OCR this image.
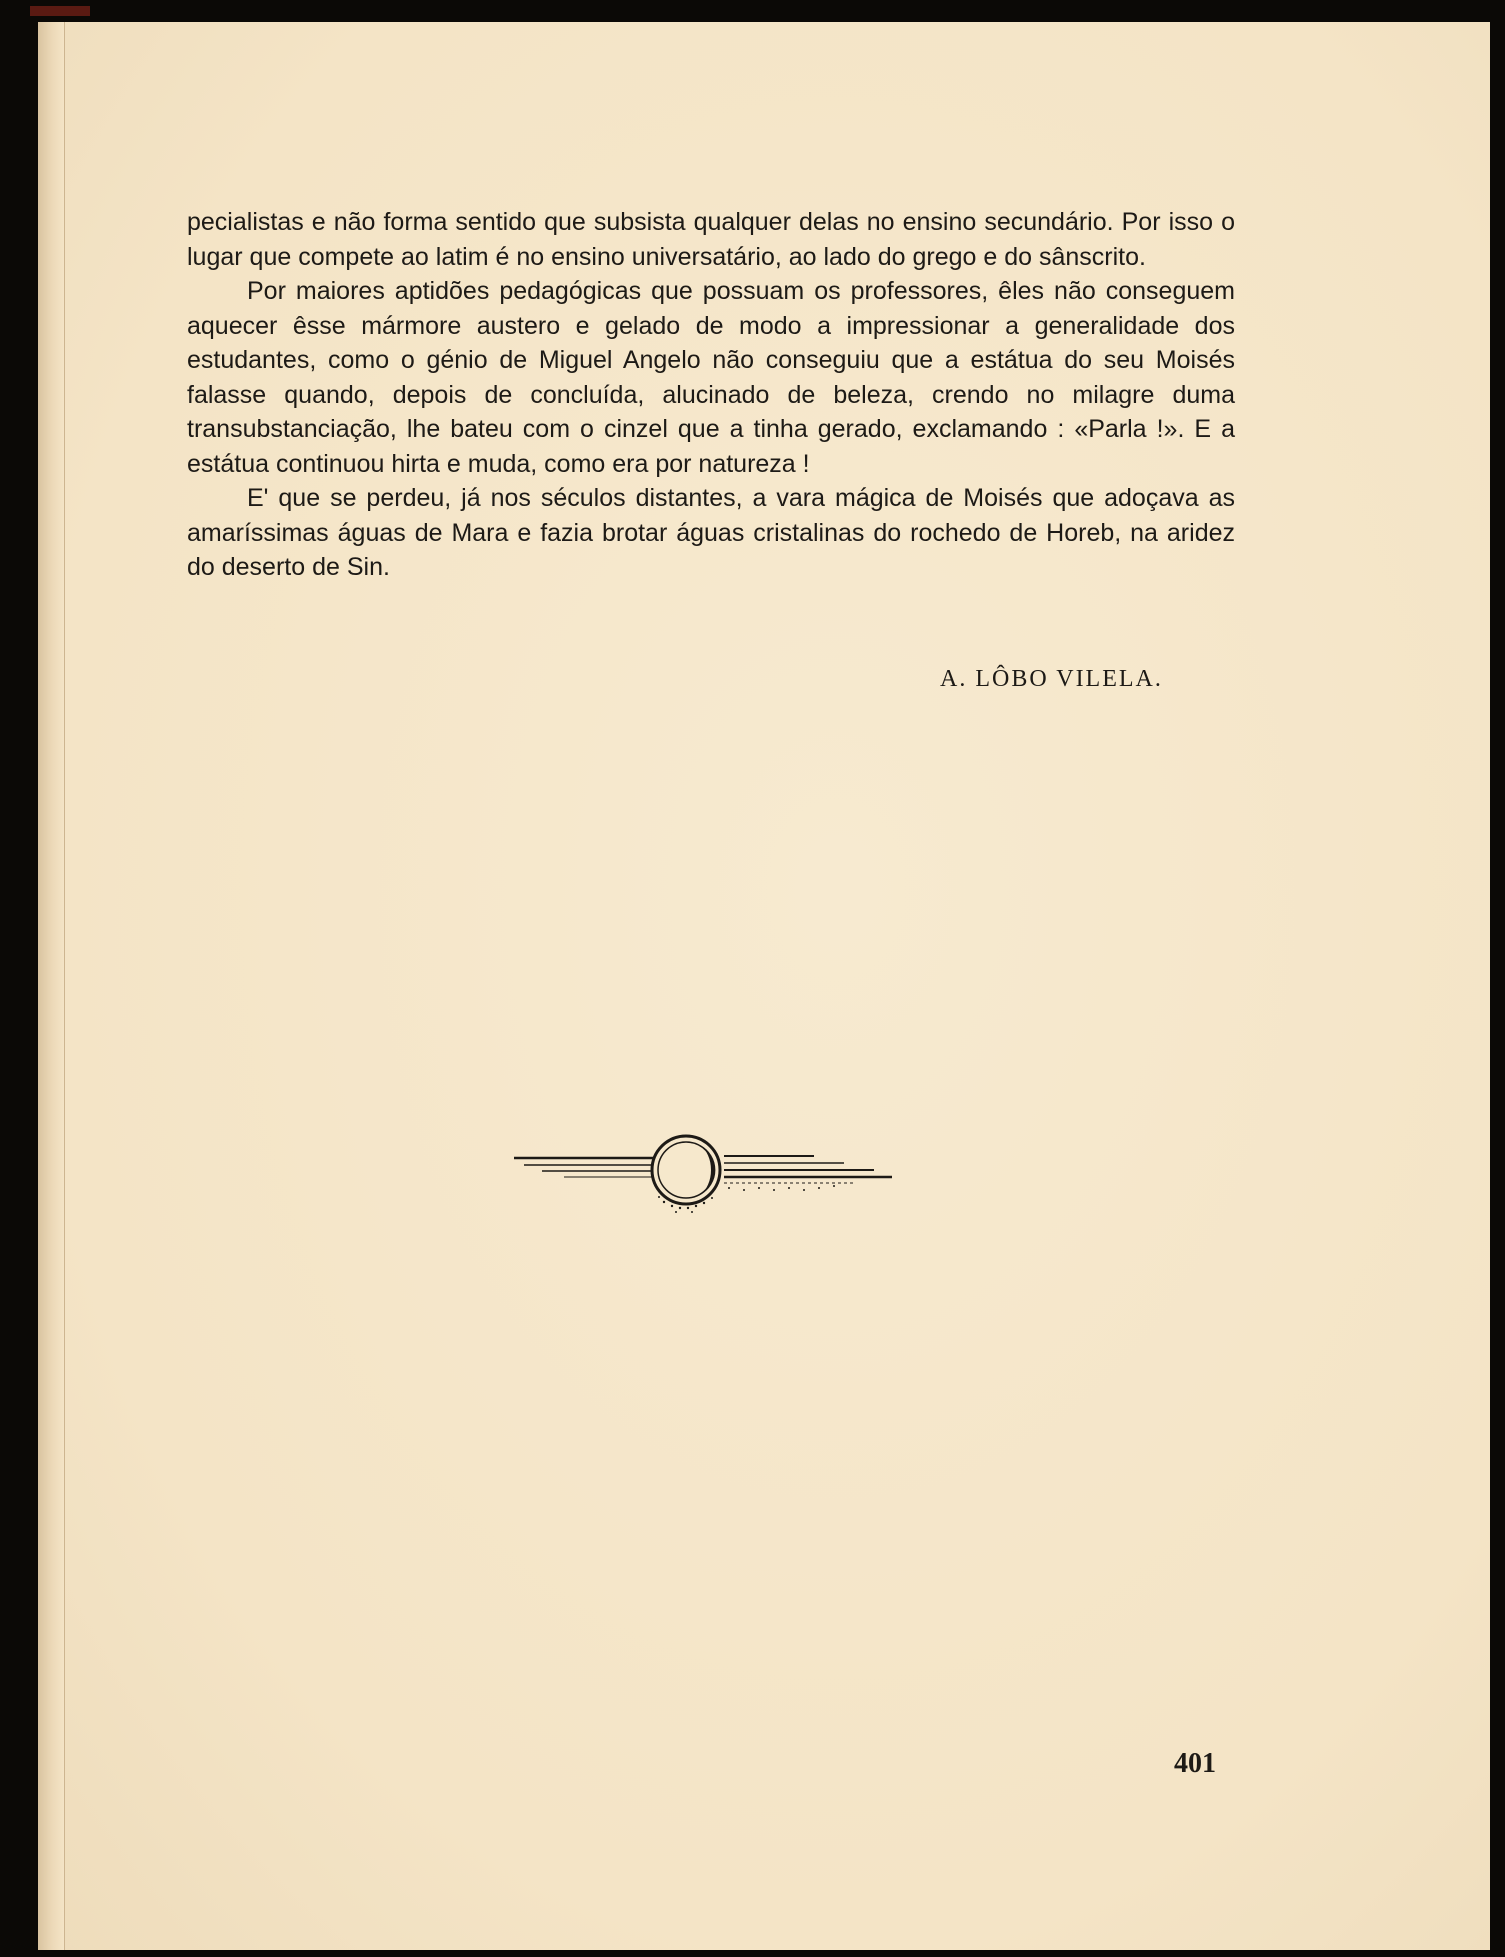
pecialistas e não forma sentido que subsista qualquer delas no ensino secundário. Por isso o lugar que compete ao latim é no ensino universatário, ao lado do grego e do sânscrito.

Por maiores aptidões pedagógicas que possuam os professores, êles não conseguem aquecer êsse mármore austero e gelado de modo a impressionar a generalidade dos estudantes, como o génio de Miguel Angelo não conseguiu que a estátua do seu Moisés falasse quando, depois de concluída, alucinado de beleza, crendo no milagre duma transubstanciação, lhe bateu com o cinzel que a tinha gerado, exclamando : «Parla !». E a estátua continuou hirta e muda, como era por natureza !

E' que se perdeu, já nos séculos distantes, a vara mágica de Moisés que adoçava as amaríssimas águas de Mara e fazia brotar águas cristalinas do rochedo de Horeb, na aridez do deserto de Sin.

A. LÔBO VILELA.
401
